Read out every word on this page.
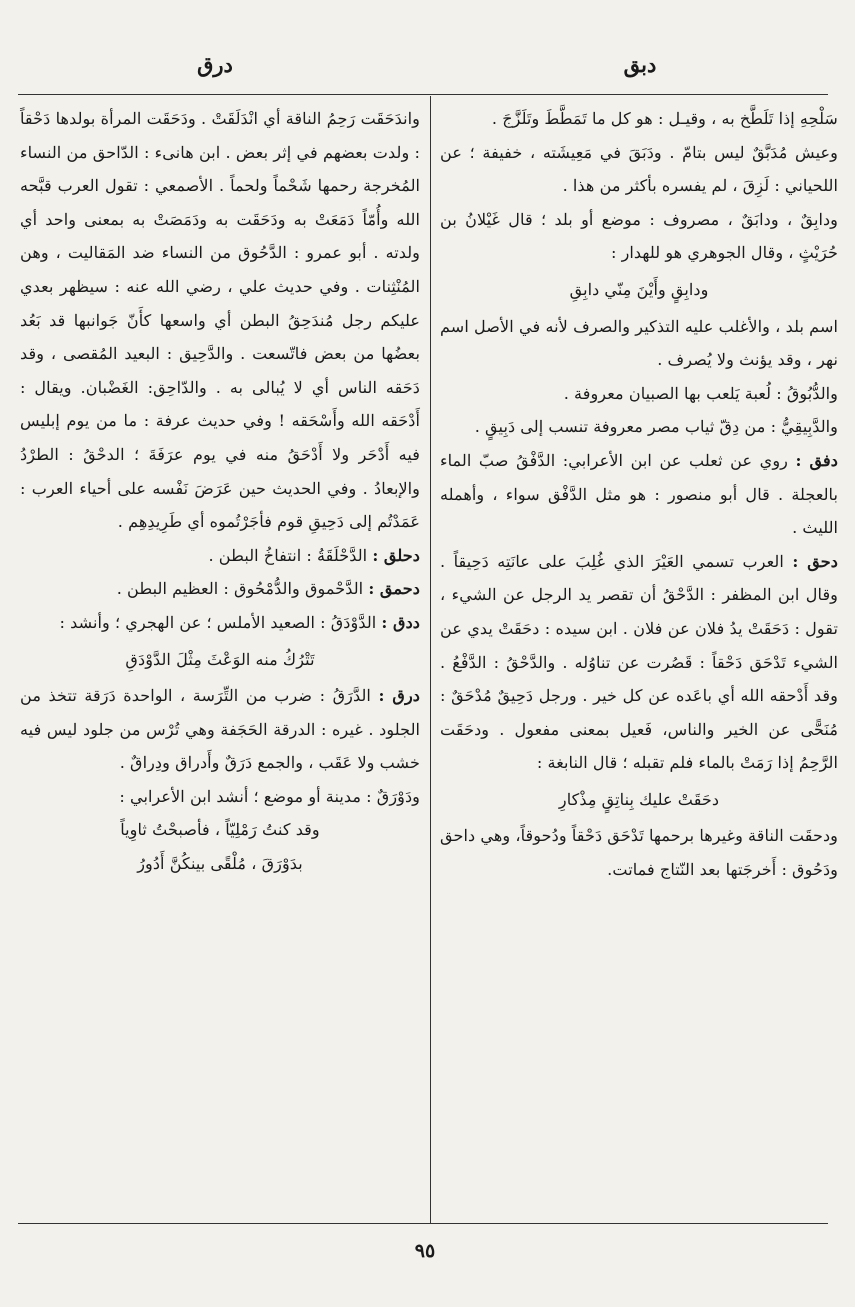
دبق
درق

سَلْحِهِ إذا تَلَطَّخ به ، وقيـل : هو كل ما تَمَطَّطَ وتَلَزَّجَ .

وعيش مُدَبَّقٌ ليس بتامّ . ودَبَقَ في مَعِيشَته ، خفيفة ؛ عن اللحياني : لَزِقَ ، لم يفسره بأكثر من هذا .

ودابِقٌ ، ودابَقٌ ، مصروف : موضع أو بلد ؛ قال غَيْلانُ بن حُرَيْثٍ ، وقال الجوهري هو للهدار :

ودابِقٍ وأَيْنَ مِنّي دابِقِ

اسم بلد ، والأغلب عليه التذكير والصرف لأنه في الأصل اسم نهر ، وقد يؤنث ولا يُصرف .

والدُّبُوقُ : لُعبة يَلعب بها الصبيان معروفة .

والدَّبِيقِيُّ : من دِقّ ثياب مصر معروفة تنسب إلى دَبِيقٍ .

دفق : روي عن ثعلب عن ابن الأعرابي: الدَّفْقُ صبّ الماء بالعجلة . قال أبو منصور : هو مثل الدَّفْق سواء ، وأهمله الليث .

دحق : العرب تسمي العَيْرَ الذي غُلِبَ على عانَتِه دَحِيقاً . وقال ابن المظفر : الدَّحْقُ أن تقصر يد الرجل عن الشيء ، تقول : دَحَقَتْ يدُ فلان عن فلان . ابن سيده : دحَقَتْ يدي عن الشيء تَدْحَق دَحْقاً : قَصُرت عن تناوُله . والدَّحْقُ : الدَّفْعُ . وقد أَدْحقه الله أي باعَده عن كل خير . ورجل دَحِيقٌ مُدْحَقٌ : مُنَحًّى عن الخير والناس، فَعيل بمعنى مفعول . ودحَقَت الرَّحِمُ إذا رَمَتْ بالماء فلم تقبله ؛ قال النابغة :

دحَقَتْ عليك بِناتِقٍ مِذْكارِ

ودحقَت الناقة وغيرها برحمها تَدْحَق دَحْقاً ودُحوقاً، وهي داحق ودَحُوق : أَخرجَتها بعد النّتاج فماتت.

واندَحَقَت رَحِمُ الناقة أي انْدَلَقَتْ . ودَحَقَت المرأة بولدها دَحْقاً : ولدت بعضهم في إثر بعض . ابن هانىء : الدّاحق من النساء المُخرجة رحمها شَحْماً ولحماً . الأصمعي : تقول العرب قبَّحه الله وأُمّاً دَمَعَتْ به ودَحَقَت به ودَمَصَتْ به بمعنى واحد أي ولدته . أبو عمرو : الدَّحُوق من النساء ضد المَقاليت ، وهن المُنْثِنات . وفي حديث علي ، رضي الله عنه : سيظهر بعدي عليكم رجل مُندَحِقُ البطن أي واسعها كأَنّ جَوانبها قد بَعُد بعضُها من بعض فاتّسعت . والدَّحِيق : البعيد المُقصى ، وقد دَحَقه الناس أي لا يُبالى به . والدّاحِق: الغَضْبان. ويقال : أَدْحَقه الله وأَسْحَقه ! وفي حديث عرفة : ما من يوم إبليس فيه أَدْحَر ولا أَدْحَقُ منه في يوم عرَفَةَ ؛ الدحْقُ : الطرْدُ والإبعادُ . وفي الحديث حين عَرَضَ نَفْسه على أحياء العرب : عَمَدْتُم إلى دَحِيقِ قوم فأجَرْتُموه أي طَرِيدِهِم .

دحلق : الدَّحْلَقَةُ : انتفاخُ البطن .

دحمق : الدَّحْموق والدُّمْحُوق : العظيم البطن .

ددق : الدَّوْدَقُ : الصعيد الأملس ؛ عن الهجري ؛ وأنشد :

تَتْرُكُ منه الوَعْثَ مِثْلَ الدَّوْدَقِ

درق : الدَّرَقُ : ضرب من التِّرَسة ، الواحدة دَرَقة تتخذ من الجلود . غيره : الدرقة الحَجَفة وهي تُرْس من جلود ليس فيه خشب ولا عَقَب ، والجمع دَرَقٌ وأَدراق ودِراقٌ .

ودَوْرَقٌ : مدينة أو موضع ؛ أنشد ابن الأعرابي :

وقد كنتُ رَمْلِيّاً ، فأصبحْتُ ثاوِياً

بدَوْرَقَ ، مُلْقًى بينكُنَّ أَدُورُ

٩٥
